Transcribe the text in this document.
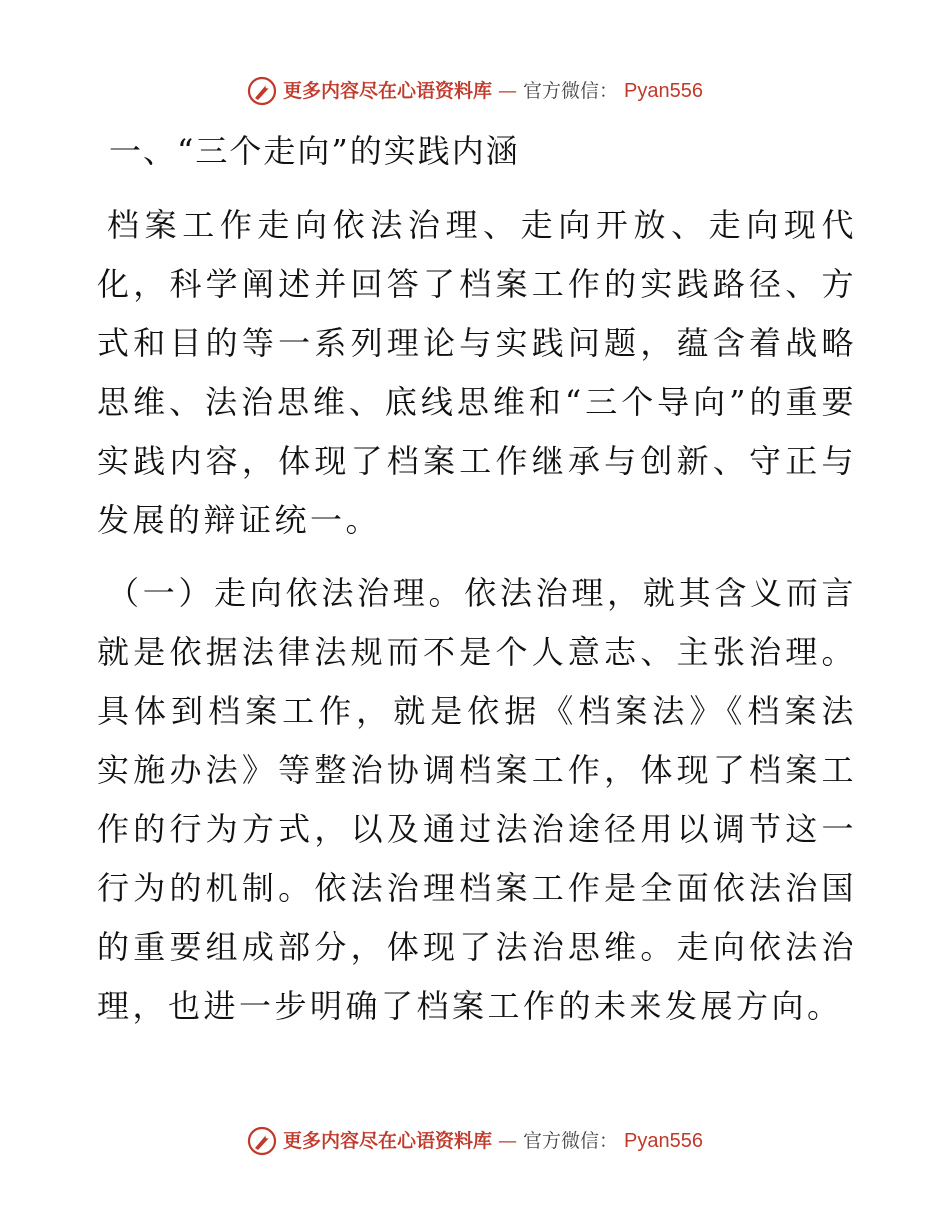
更多内容尽在心语资料库 — 官方微信： Pyan556
一、“三个走向”的实践内涵

档案工作走向依法治理、走向开放、走向现代化，科学阐述并回答了档案工作的实践路径、方式和目的等一系列理论与实践问题，蕴含着战略思维、法治思维、底线思维和“三个导向”的重要实践内容，体现了档案工作继承与创新、守正与发展的辩证统一。

（一）走向依法治理。依法治理，就其含义而言就是依据法律法规而不是个人意志、主张治理。具体到档案工作，就是依据《档案法》《档案法实施办法》等整治协调档案工作，体现了档案工作的行为方式，以及通过法治途径用以调节这一行为的机制。依法治理档案工作是全面依法治国的重要组成部分，体现了法治思维。走向依法治理，也进一步明确了档案工作的未来发展方向。

更多内容尽在心语资料库 — 官方微信： Pyan556
